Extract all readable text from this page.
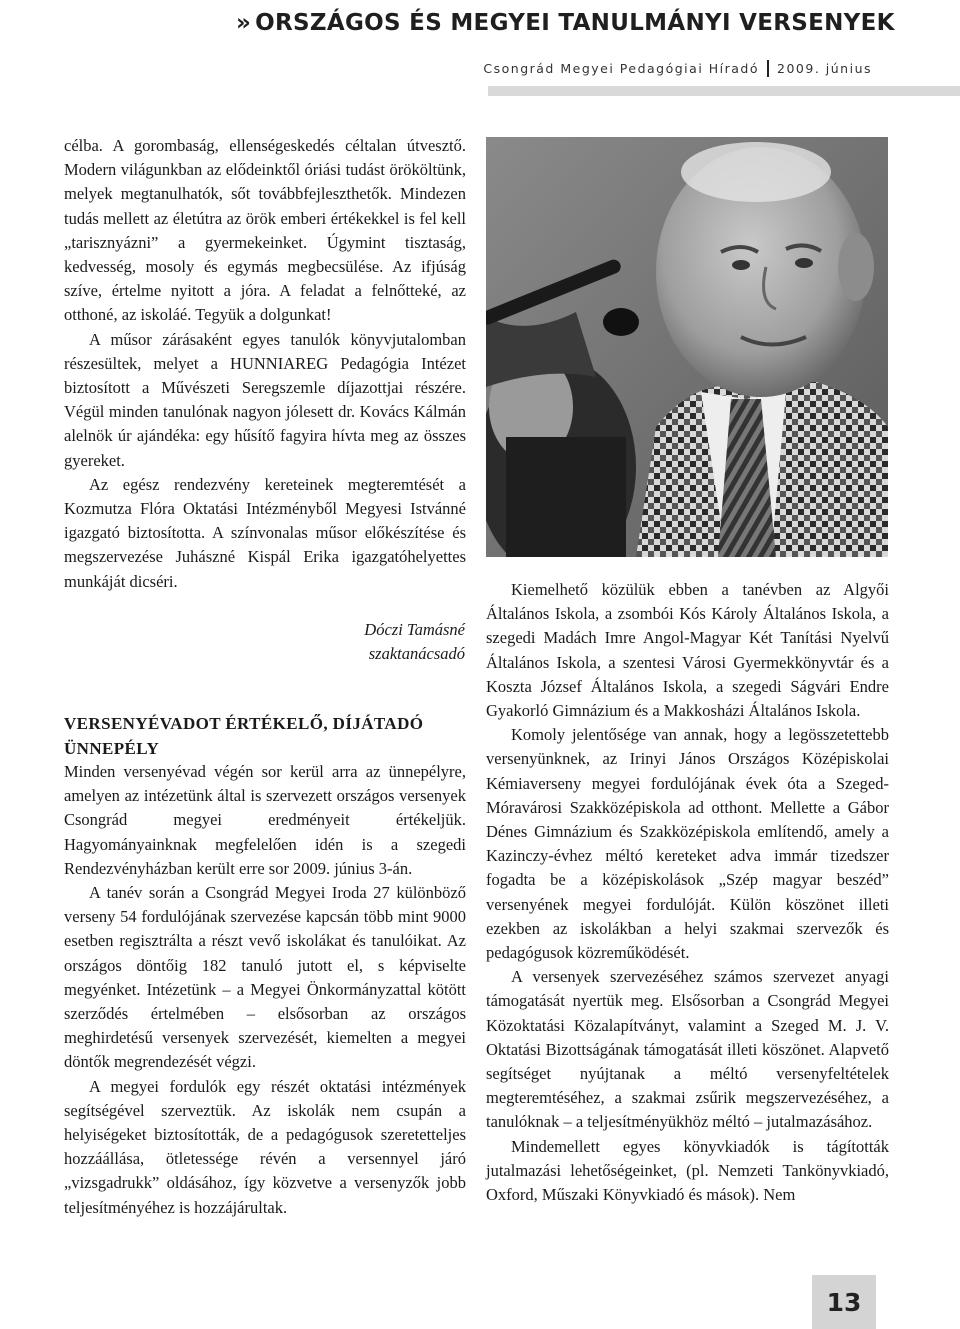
» ORSZÁGOS ÉS MEGYEI TANULMÁNYI VERSENYEK
Csongrád Megyei Pedagógiai Híradó 2009. június

célba. A gorombaság, ellenségeskedés céltalan útvesztő. Modern világunkban az elődeinktől óriási tudást örököltünk, melyek megtanulhatók, sőt továbbfejleszthetők. Mindezen tudás mellett az életútra az örök emberi értékekkel is fel kell „tarisznyázni” a gyermekeinket. Úgymint tisztaság, kedvesség, mosoly és egymás megbecsülése. Az ifjúság szíve, értelme nyitott a jóra. A feladat a felnőtteké, az otthoné, az iskoláé. Tegyük a dolgunkat!

A műsor zárásaként egyes tanulók könyvjutalomban részesültek, melyet a HUNNIAREG Pedagógia Intézet biztosított a Művészeti Seregszemle díjazottjai részére. Végül minden tanulónak nagyon jólesett dr. Kovács Kálmán alelnök úr ajándéka: egy hűsítő fagyira hívta meg az összes gyereket.

Az egész rendezvény kereteinek megteremtését a Kozmutza Flóra Oktatási Intézményből Megyesi Istvánné igazgató biztosította. A színvonalas műsor előkészítése és megszervezése Juhászné Kispál Erika igazgatóhelyettes munkáját dicséri.

Dóczi Tamásné
szaktanácsadó
VERSENYÉVADOT ÉRTÉKELŐ, DÍJÁTADÓ ÜNNEPÉLY

Minden versenyévad végén sor kerül arra az ünnepélyre, amelyen az intézetünk által is szervezett országos versenyek Csongrád megyei eredményeit értékeljük. Hagyományainknak megfelelően idén is a szegedi Rendezvényházban került erre sor 2009. június 3-án.

A tanév során a Csongrád Megyei Iroda 27 különböző verseny 54 fordulójának szervezése kapcsán több mint 9000 esetben regisztrálta a részt vevő iskolákat és tanulóikat. Az országos döntőig 182 tanuló jutott el, s képviselte megyénket. Intézetünk – a Megyei Önkormányzattal kötött szerződés értelmében – elsősorban az országos meghirdetésű versenyek szervezését, kiemelten a megyei döntők megrendezését végzi.

A megyei fordulók egy részét oktatási intézmények segítségével szerveztük. Az iskolák nem csupán a helyiségeket biztosították, de a pedagógusok szeretetteljes hozzáállása, ötletessége révén a versennyel járó „vizsgadrukk” oldásához, így közvetve a versenyzők jobb teljesítményéhez is hozzájárultak.

Kiemelhető közülük ebben a tanévben az Algyői Általános Iskola, a zsombói Kós Károly Általános Iskola, a szegedi Madách Imre Angol-Magyar Két Tanítási Nyelvű Általános Iskola, a szentesi Városi Gyermekkönyvtár és a Koszta József Általános Iskola, a szegedi Ságvári Endre Gyakorló Gimnázium és a Makkosházi Általános Iskola.

Komoly jelentősége van annak, hogy a legösszetettebb versenyünknek, az Irinyi János Országos Középiskolai Kémiaverseny megyei fordulójának évek óta a Szeged-Móravárosi Szakközépiskola ad otthont. Mellette a Gábor Dénes Gimnázium és Szakközépiskola említendő, amely a Kazinczy-évhez méltó kereteket adva immár tizedszer fogadta be a középiskolások „Szép magyar beszéd” versenyének megyei fordulóját. Külön köszönet illeti ezekben az iskolákban a helyi szakmai szervezők és pedagógusok közreműködését.

A versenyek szervezéséhez számos szervezet anyagi támogatását nyertük meg. Elsősorban a Csongrád Megyei Közoktatási Közalapítványt, valamint a Szeged M. J. V. Oktatási Bizottságának támogatását illeti köszönet. Alapvető segítséget nyújtanak a méltó versenyfeltételek megteremtéséhez, a szakmai zsűrik megszervezéséhez, a tanulóknak – a teljesítményükhöz méltó – jutalmazásához.

Mindemellett egyes könyvkiadók is tágították jutalmazási lehetőségeinket, (pl. Nemzeti Tankönyvkiadó, Oxford, Műszaki Könyvkiadó és mások). Nem

13
